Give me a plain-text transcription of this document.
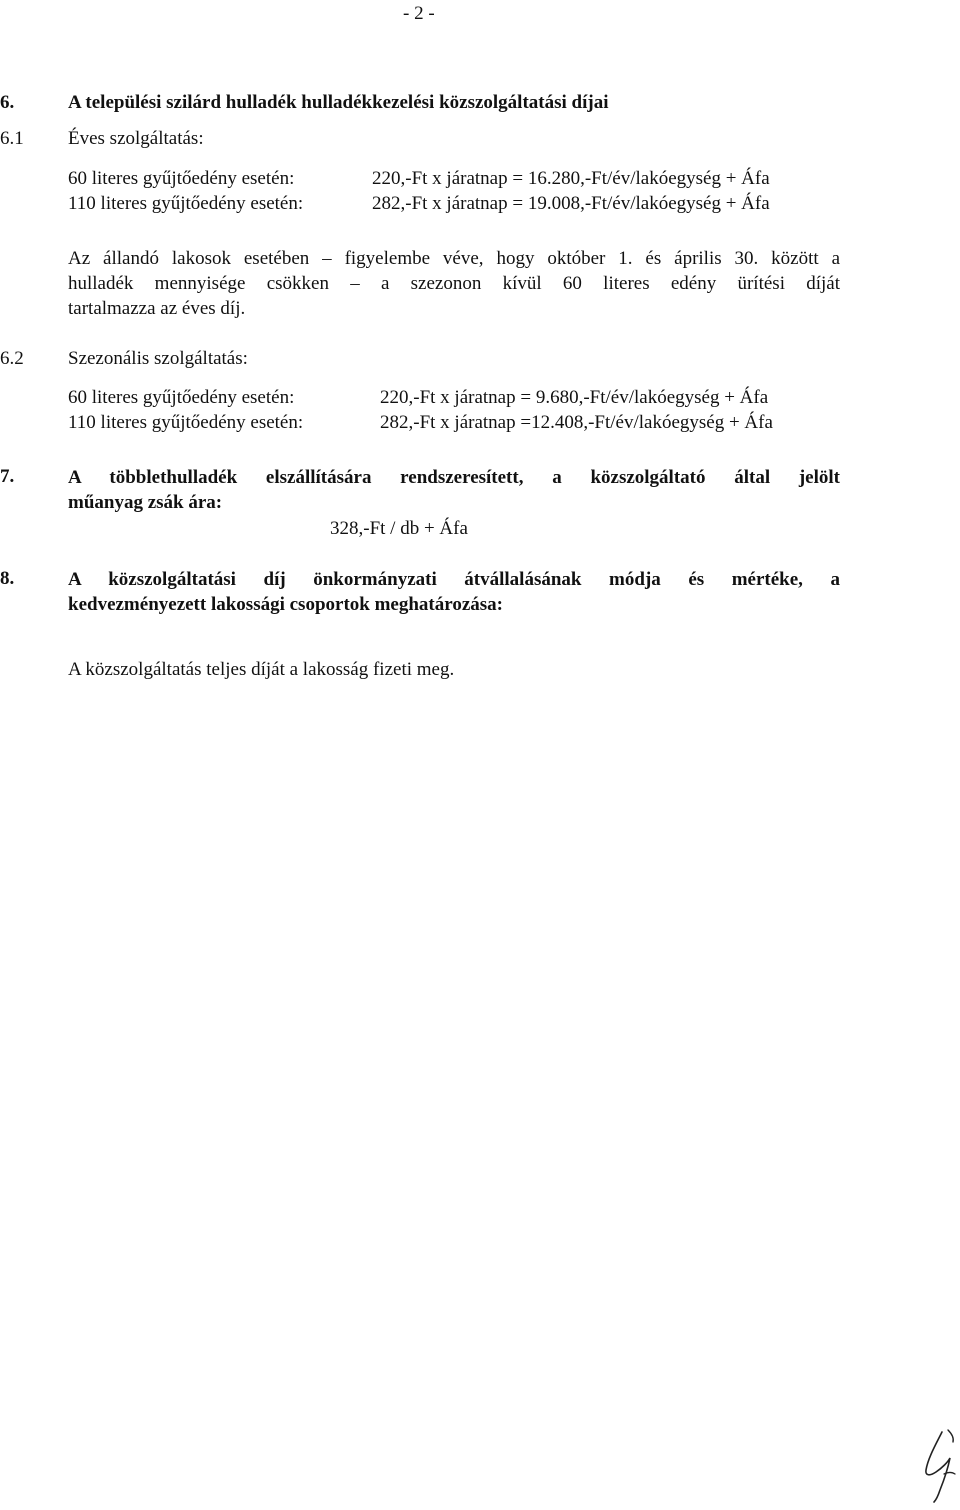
- 2 -
6.	A települési szilárd hulladék hulladékkezelési közszolgáltatási díjai
6.1 Éves szolgáltatás:
60 literes gyűjtőedény esetén:	220,-Ft x járatnap = 16.280,-Ft/év/lakóegység + Áfa
110 literes gyűjtőedény esetén:	282,-Ft x járatnap = 19.008,-Ft/év/lakóegység + Áfa
Az állandó lakosok esetében – figyelembe véve, hogy október 1. és április 30. között a
hulladék mennyisége csökken – a szezonon kívül 60 literes edény ürítési díját
tartalmazza az éves díj.
6.2 Szezonális szolgáltatás:
60 literes gyűjtőedény esetén:	220,-Ft x járatnap = 9.680,-Ft/év/lakóegység + Áfa
110 literes gyűjtőedény esetén:	282,-Ft x járatnap =12.408,-Ft/év/lakóegység + Áfa
7.	A többlethulladék elszállítására rendszeresített, a közszolgáltató által jelölt
műanyag zsák ára:
328,-Ft / db + Áfa
8.	A közszolgáltatási díj önkormányzati átvállalásának módja és mértéke, a
kedvezményezett lakossági csoportok meghatározása:
A közszolgáltatás teljes díját a lakosság fizeti meg.
